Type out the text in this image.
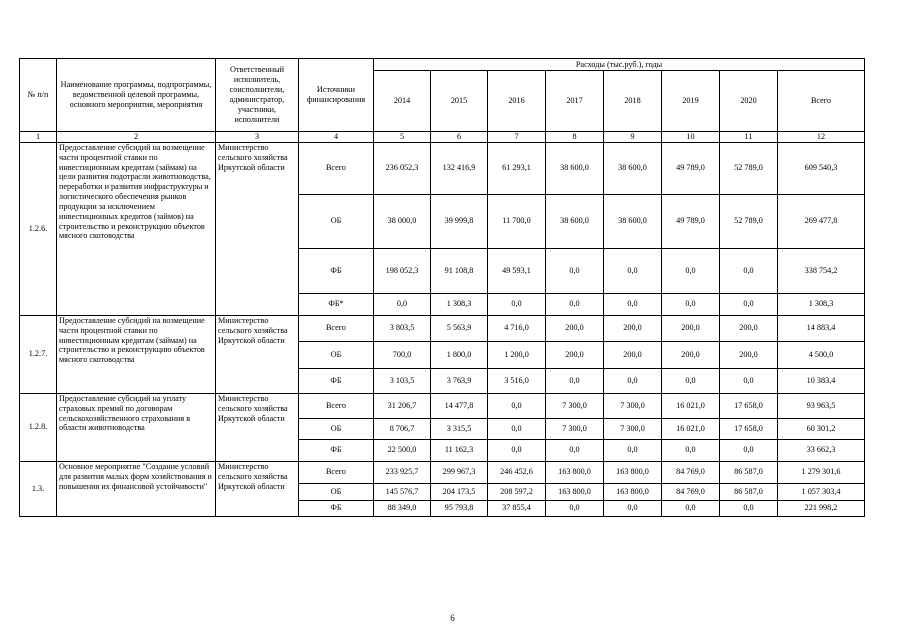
№ п/п	Наименование программы, подпрограммы, ведомственной целевой программы, основного мероприятия, мероприятия	Ответственный исполнитель, соисполнители, администратор, участники, исполнители	Источники финансирования	Расходы (тыс.руб.), годы							
				2014	2015	2016	2017	2018	2019	2020	Всего
1	2	3	4	5	6	7	8	9	10	11	12
1.2.6.	Предоставление субсидий на возмещение части процентной ставки по инвестиционным кредитам (займам) на цели развития подотрасли животноводства, переработки и развития инфраструктуры и логистического обеспечения рынков продукции за исключением инвестиционных кредитов (займов) на строительство и реконструкцию объектов мясного скотоводства	Министерство сельского хозяйства Иркутской области	Всего	236 052,3	132 416,9	61 293,1	38 600,0	38 600,0	49 789,0	52 789,0	609 540,3
			ОБ	38 000,0	39 999,8	11 700,0	38 600,0	38 600,0	49 789,0	52 789,0	269 477,8
			ФБ	198 052,3	91 108,8	49 593,1	0,0	0,0	0,0	0,0	338 754,2
			ФБ*	0,0	1 308,3	0,0	0,0	0,0	0,0	0,0	1 308,3
1.2.7.	Предоставление субсидий на возмещение части процентной ставки по инвестиционным кредитам (займам) на строительство и реконструкцию объектов мясного скотоводства	Министерство сельского хозяйства Иркутской области	Всего	3 803,5	5 563,9	4 716,0	200,0	200,0	200,0	200,0	14 883,4
			ОБ	700,0	1 800,0	1 200,0	200,0	200,0	200,0	200,0	4 500,0
			ФБ	3 103,5	3 763,9	3 516,0	0,0	0,0	0,0	0,0	10 383,4
1.2.8.	Предоставление субсидий на уплату страховых премий по договорам сельскохозяйственного страхования в области животноводства	Министерство сельского хозяйства Иркутской области	Всего	31 206,7	14 477,8	0,0	7 300,0	7 300,0	16 021,0	17 658,0	93 963,5
			ОБ	8 706,7	3 315,5	0,0	7 300,0	7 300,0	16 021,0	17 658,0	60 301,2
			ФБ	22 500,0	11 162,3	0,0	0,0	0,0	0,0	0,0	33 662,3
1.3.	Основное мероприятие "Создание условий для развития малых форм хозяйствования и повышения их финансовой устойчивости"	Министерство сельского хозяйства Иркутской области	Всего	233 925,7	299 967,3	246 452,6	163 800,0	163 800,0	84 769,0	86 587,0	1 279 301,6
			ОБ	145 576,7	204 173,5	208 597,2	163 800,0	163 800,0	84 769,0	86 587,0	1 057 303,4
			ФБ	88 349,0	95 793,8	37 855,4	0,0	0,0	0,0	0,0	221 998,2
6
